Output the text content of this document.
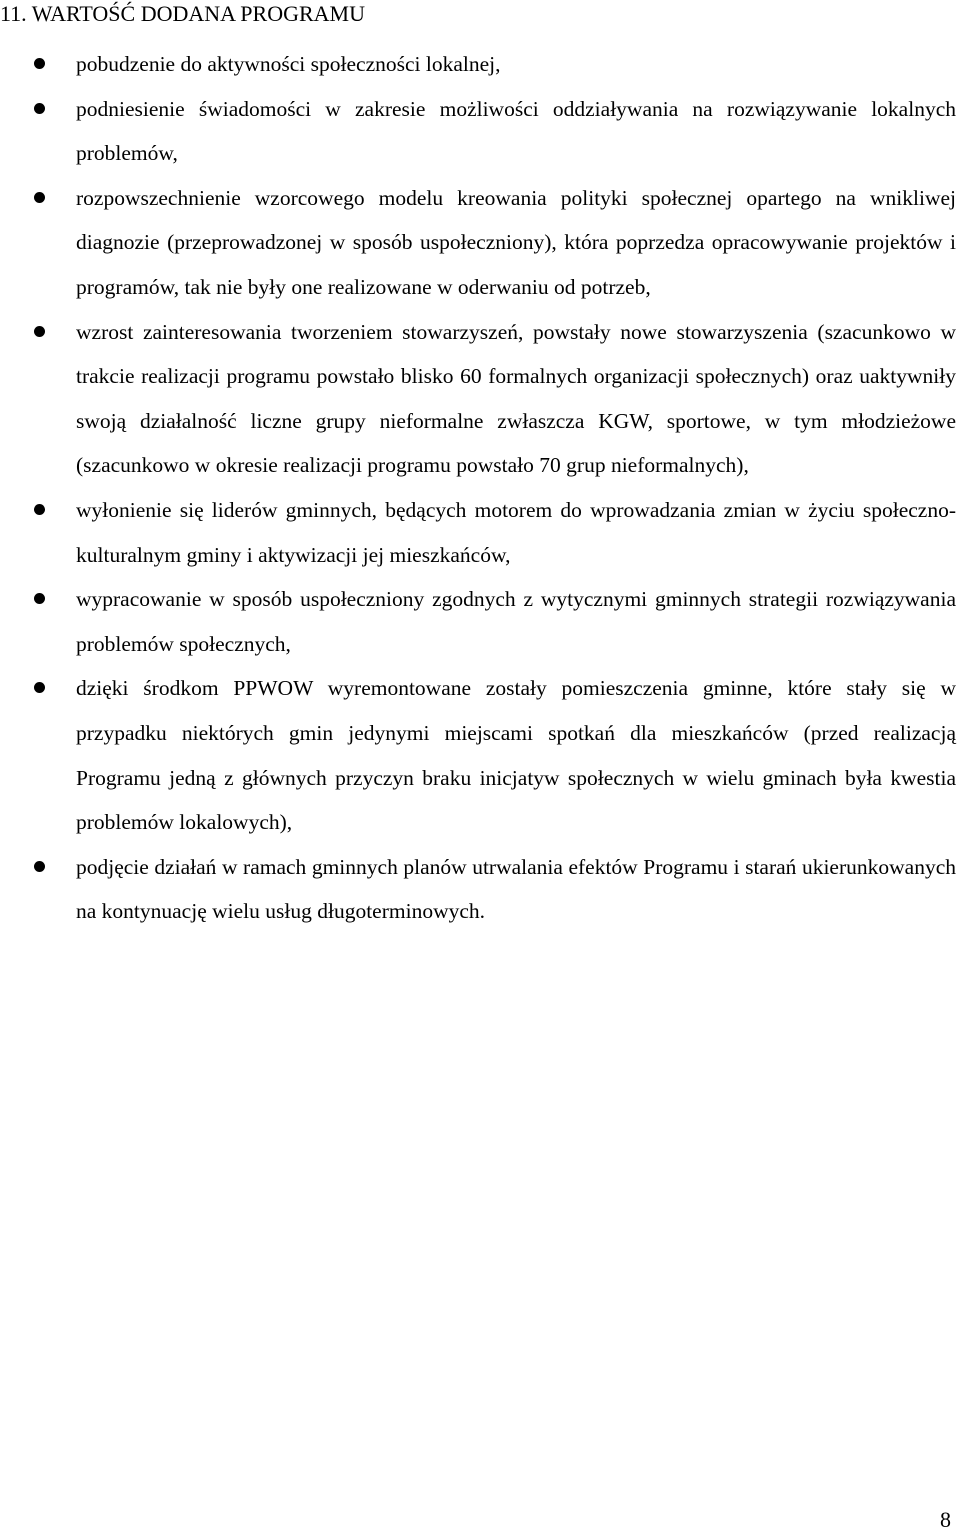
11. WARTOŚĆ DODANA PROGRAMU
pobudzenie do aktywności społeczności lokalnej,
podniesienie świadomości w zakresie możliwości oddziaływania na rozwiązywanie lokalnych problemów,
rozpowszechnienie wzorcowego modelu kreowania polityki społecznej opartego na wnikliwej diagnozie (przeprowadzonej w sposób uspołeczniony), która poprzedza opracowywanie projektów i programów, tak nie były one realizowane w oderwaniu od potrzeb,
wzrost zainteresowania tworzeniem stowarzyszeń, powstały nowe stowarzyszenia (szacunkowo w trakcie realizacji programu powstało blisko 60 formalnych organizacji społecznych) oraz uaktywniły swoją działalność liczne grupy nieformalne zwłaszcza KGW, sportowe, w tym młodzieżowe (szacunkowo w okresie realizacji programu powstało 70 grup nieformalnych),
wyłonienie się liderów gminnych, będących motorem do wprowadzania zmian w życiu społeczno-kulturalnym gminy i aktywizacji jej mieszkańców,
wypracowanie w sposób uspołeczniony zgodnych z wytycznymi gminnych strategii rozwiązywania problemów społecznych,
dzięki środkom PPWOW wyremontowane zostały pomieszczenia gminne, które stały się w przypadku niektórych gmin jedynymi miejscami spotkań dla mieszkańców (przed realizacją Programu jedną z głównych przyczyn braku inicjatyw społecznych w wielu gminach była kwestia problemów lokalowych),
podjęcie działań w ramach gminnych planów utrwalania efektów Programu i starań ukierunkowanych na kontynuację wielu usług długoterminowych.
8
